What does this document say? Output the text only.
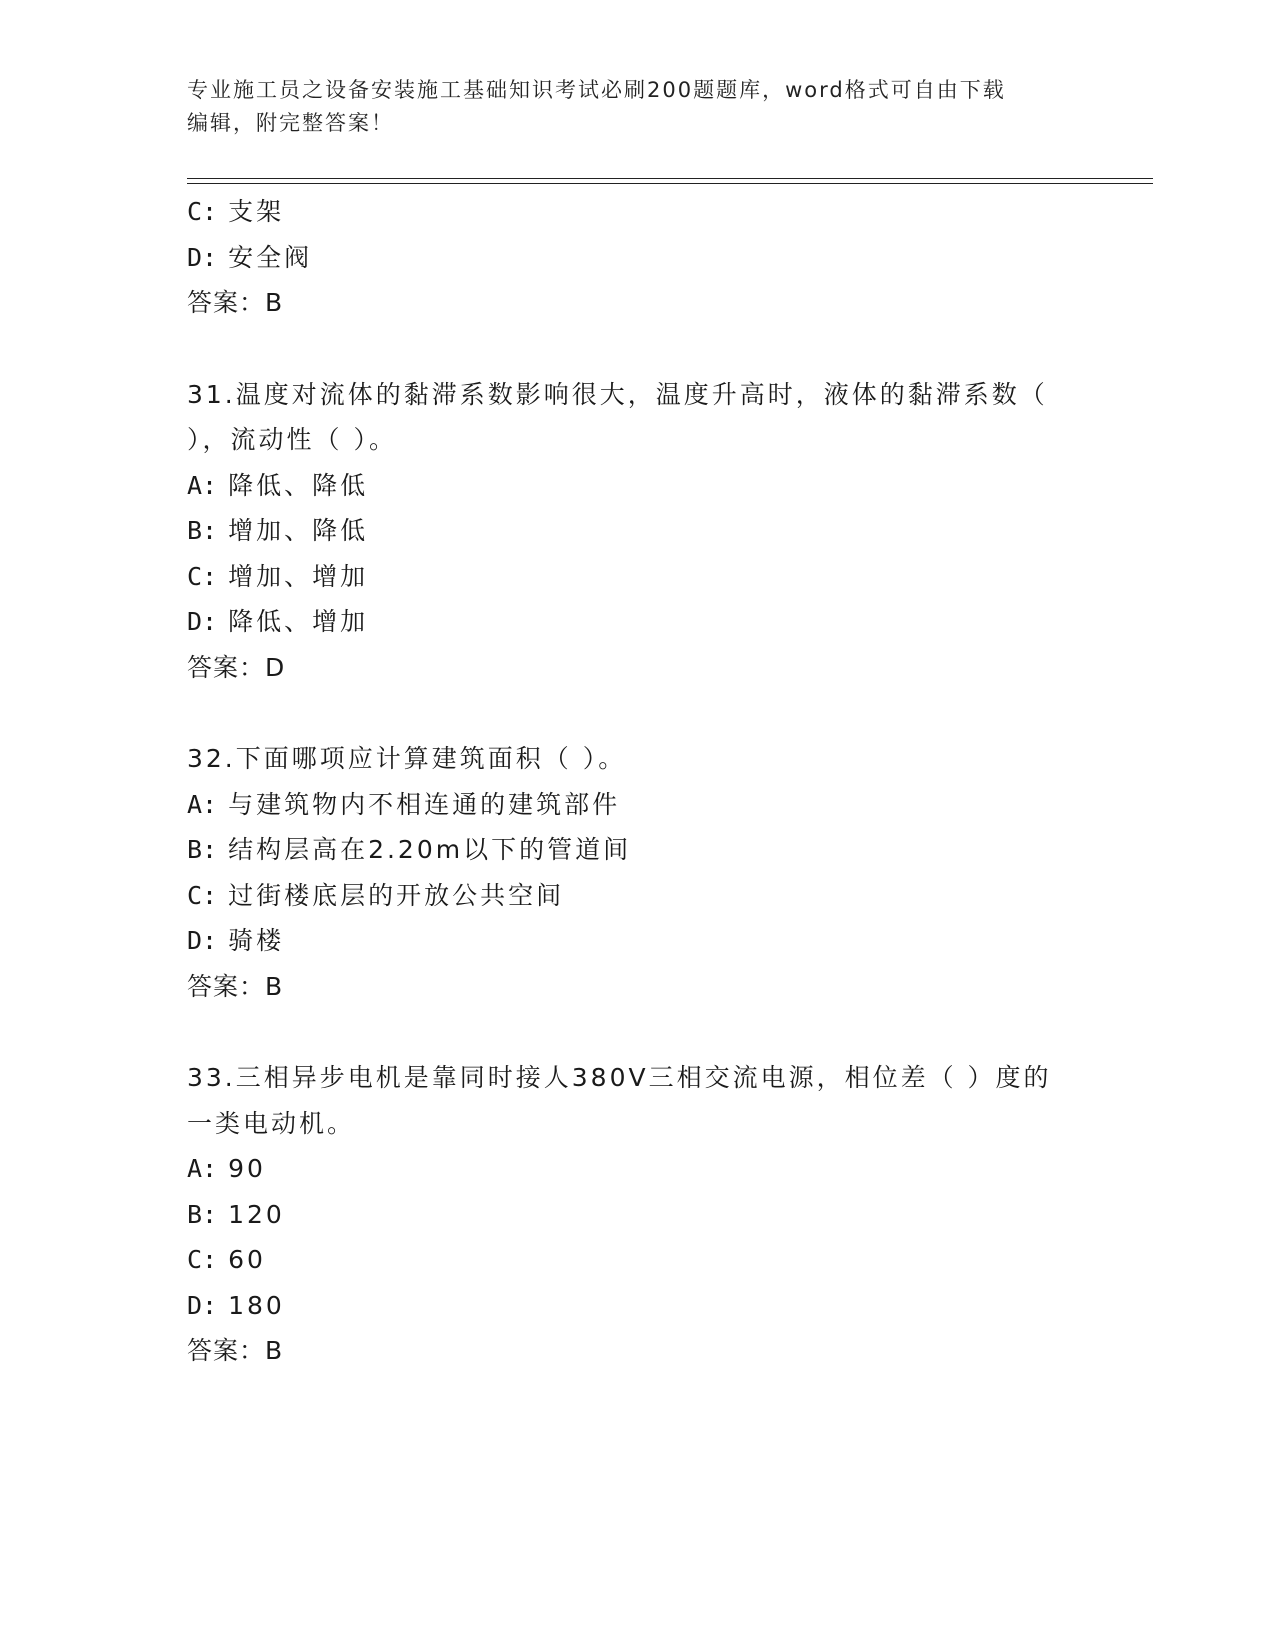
专业施工员之设备安装施工基础知识考试必刷200题题库，word格式可自由下载
编辑，附完整答案！
C: 支架
D: 安全阀
答案：B
31.温度对流体的黏滞系数影响很大，温度升高时，液体的黏滞系数（
），流动性（ ）。
A: 降低、降低
B: 增加、降低
C: 增加、增加
D: 降低、增加
答案：D
32.下面哪项应计算建筑面积（ ）。
A: 与建筑物内不相连通的建筑部件
B: 结构层高在2.20m以下的管道间
C: 过街楼底层的开放公共空间
D: 骑楼
答案：B
33.三相异步电机是靠同时接人380V三相交流电源，相位差（ ）度的
一类电动机。
A: 90
B: 120
C: 60
D: 180
答案：B
